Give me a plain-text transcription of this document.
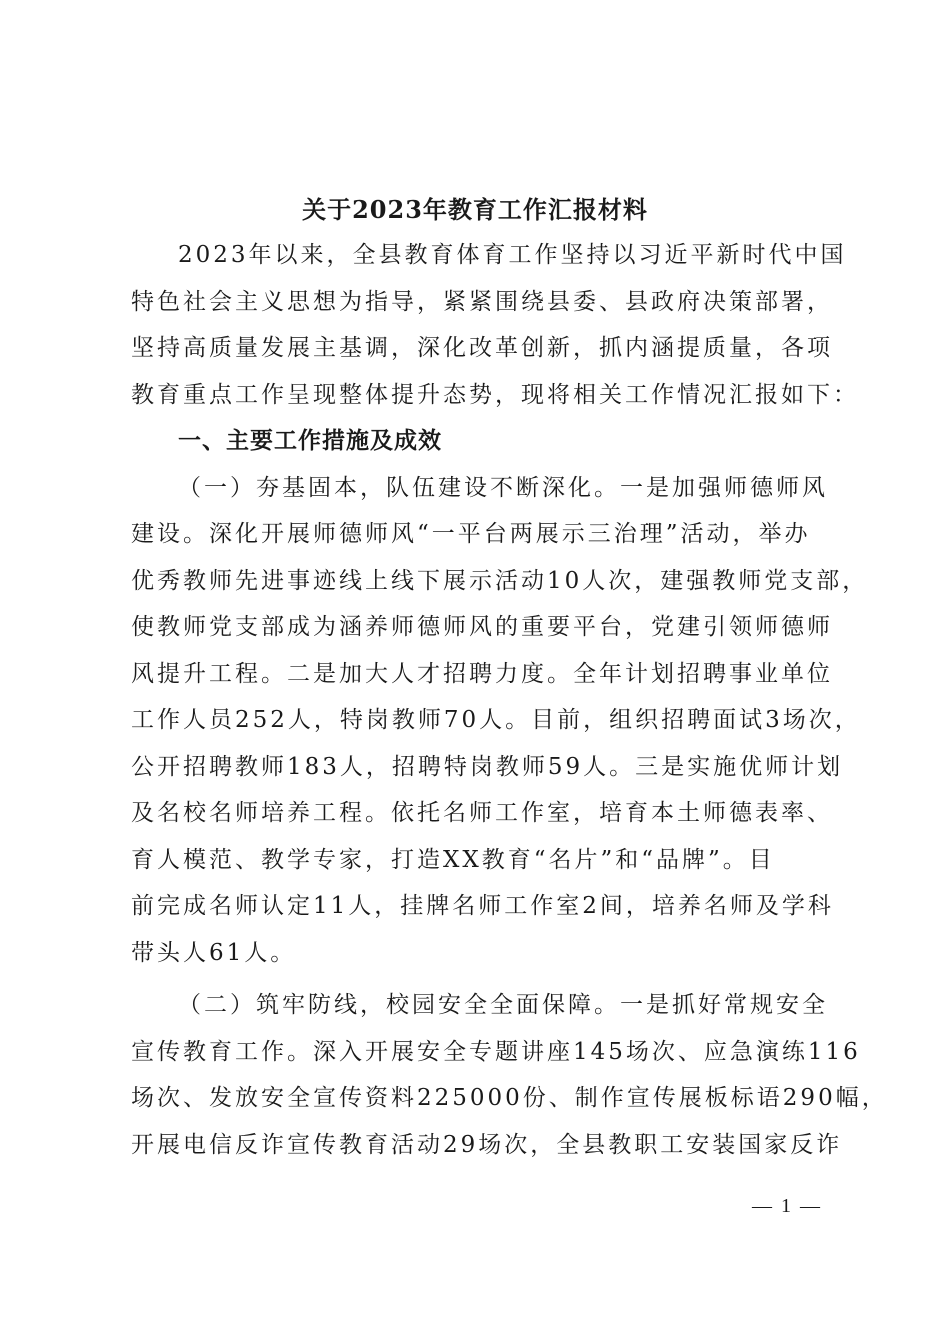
关于2023年教育工作汇报材料
2023年以来，全县教育体育工作坚持以习近平新时代中国
特色社会主义思想为指导，紧紧围绕县委、县政府决策部署，
坚持高质量发展主基调，深化改革创新，抓内涵提质量，各项
教育重点工作呈现整体提升态势，现将相关工作情况汇报如下：
一、主要工作措施及成效
（一）夯基固本，队伍建设不断深化。一是加强师德师风
建设。深化开展师德师风“一平台两展示三治理”活动，举办
优秀教师先进事迹线上线下展示活动10人次，建强教师党支部，
使教师党支部成为涵养师德师风的重要平台，党建引领师德师
风提升工程。二是加大人才招聘力度。全年计划招聘事业单位
工作人员252人，特岗教师70人。目前，组织招聘面试3场次，
公开招聘教师183人，招聘特岗教师59人。三是实施优师计划
及名校名师培养工程。依托名师工作室，培育本土师德表率、
育人模范、教学专家，打造XX教育“名片”和“品牌”。目
前完成名师认定11人，挂牌名师工作室2间，培养名师及学科
带头人61人。
（二）筑牢防线，校园安全全面保障。一是抓好常规安全
宣传教育工作。深入开展安全专题讲座145场次、应急演练116
场次、发放安全宣传资料225000份、制作宣传展板标语290幅，
开展电信反诈宣传教育活动29场次，全县教职工安装国家反诈
— 1 —
